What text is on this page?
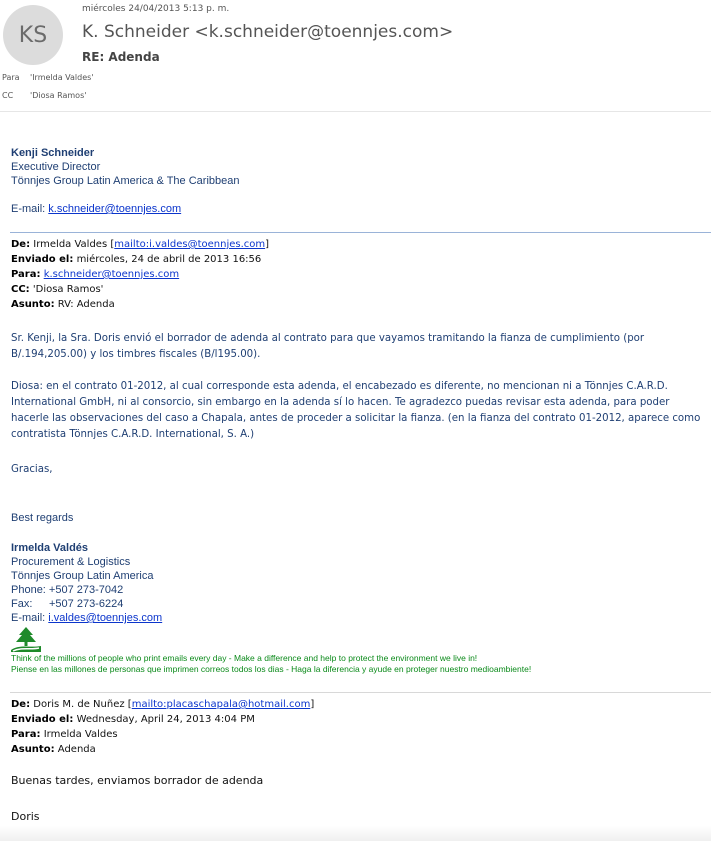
KS
miércoles 24/04/2013 5:13 p. m.
K. Schneider <k.schneider@toennjes.com>
RE: Adenda
Para 'Irmelda Valdes'
CC 'Diosa Ramos'
Kenji Schneider
Executive Director
Tönnjes Group Latin America & The Caribbean
E-mail: k.schneider@toennjes.com
De: Irmelda Valdes [mailto:i.valdes@toennjes.com]
Enviado el: miércoles, 24 de abril de 2013 16:56
Para: k.schneider@toennjes.com
CC: 'Diosa Ramos'
Asunto: RV: Adenda
Sr. Kenji, la Sra. Doris envió el borrador de adenda al contrato para que vayamos tramitando la fianza de cumplimiento (por
B/.194,205.00) y los timbres fiscales (B/l195.00).
Diosa: en el contrato 01-2012, al cual corresponde esta adenda, el encabezado es diferente, no mencionan ni a Tönnjes C.A.R.D.
International GmbH, ni al consorcio, sin embargo en la adenda sí lo hacen. Te agradezco puedas revisar esta adenda, para poder
hacerle las observaciones del caso a Chapala, antes de proceder a solicitar la fianza. (en la fianza del contrato 01-2012, aparece como
contratista Tönnjes C.A.R.D. International, S. A.)
Gracias,
Best regards
Irmelda Valdés
Procurement & Logistics
Tönnjes Group Latin America
Phone: +507 273-7042
Fax: +507 273-6224
E-mail: i.valdes@toennjes.com
Think of the millions of people who print emails every day - Make a difference and help to protect the environment we live in!
Piense en las millones de personas que imprimen correos todos los dias - Haga la diferencia y ayude en proteger nuestro medioambiente!
De: Doris M. de Nuñez [mailto:placaschapala@hotmail.com]
Enviado el: Wednesday, April 24, 2013 4:04 PM
Para: Irmelda Valdes
Asunto: Adenda
Buenas tardes, enviamos borrador de adenda
Doris
